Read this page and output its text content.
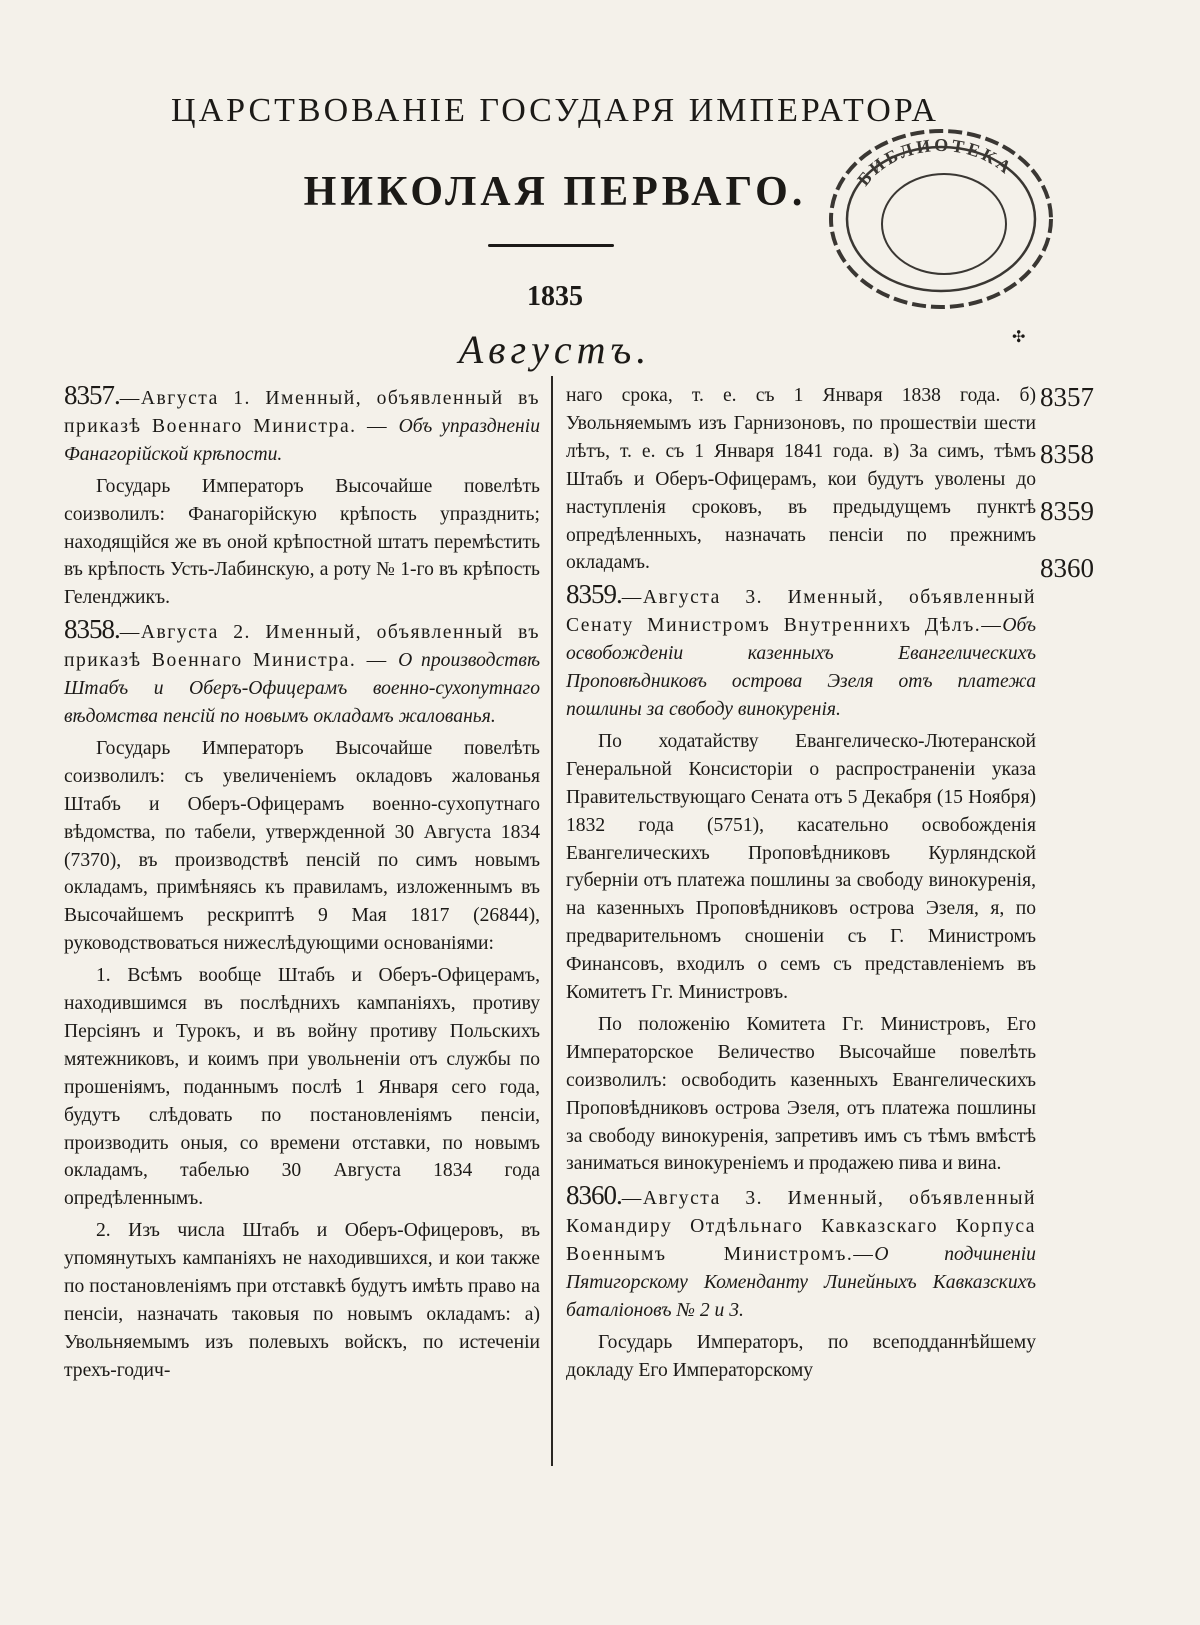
ЦАРСТВОВАНІЕ ГОСУДАРЯ ИМПЕРАТОРА
НИКОЛАЯ ПЕРВАГО.
1835
Августъ.
БИБЛИОТЕКА
✣

8357.—Августа 1. Именный, объявленный въ приказѣ Военнаго Министра. — Объ упраздненіи Фанагорійской крѣпости.

Государь Императоръ Высочайше повелѣть соизволилъ: Фанагорійскую крѣпость упразднить; находящійся же въ оной крѣпостной штатъ перемѣстить въ крѣпость Усть-Лабинскую, а роту № 1-го въ крѣпость Геленджикъ.

8358.—Августа 2. Именный, объявленный въ приказѣ Военнаго Министра. — О производствѣ Штабъ и Оберъ-Офицерамъ военно-сухопутнаго вѣдомства пенсій по новымъ окладамъ жалованья.

Государь Императоръ Высочайше повелѣть соизволилъ: съ увеличеніемъ окладовъ жалованья Штабъ и Оберъ-Офицерамъ военно-сухопутнаго вѣдомства, по табели, утвержденной 30 Августа 1834 (7370), въ производствѣ пенсій по симъ новымъ окладамъ, примѣняясь къ правиламъ, изложеннымъ въ Высочайшемъ рескриптѣ 9 Мая 1817 (26844), руководствоваться нижеслѣдующими основаніями:

1. Всѣмъ вообще Штабъ и Оберъ-Офицерамъ, находившимся въ послѣднихъ кампаніяхъ, противу Персіянъ и Турокъ, и въ войну противу Польскихъ мятежниковъ, и коимъ при увольненіи отъ службы по прошеніямъ, поданнымъ послѣ 1 Января сего года, будутъ слѣдовать по постановленіямъ пенсіи, производить оныя, со времени отставки, по новымъ окладамъ, табелью 30 Августа 1834 года опредѣленнымъ.

2. Изъ числа Штабъ и Оберъ-Офицеровъ, въ упомянутыхъ кампаніяхъ не находившихся, и кои также по постановленіямъ при отставкѣ будутъ имѣть право на пенсіи, назначать таковыя по новымъ окладамъ: а) Увольняемымъ изъ полевыхъ войскъ, по истеченіи трехъ-годич-

наго срока, т. е. съ 1 Января 1838 года. б) Увольняемымъ изъ Гарнизоновъ, по прошествіи шести лѣтъ, т. е. съ 1 Января 1841 года. в) За симъ, тѣмъ Штабъ и Оберъ-Офицерамъ, кои будутъ уволены до наступленія сроковъ, въ предыдущемъ пунктѣ опредѣленныхъ, назначать пенсіи по прежнимъ окладамъ.

8359.—Августа 3. Именный, объявленный Сенату Министромъ Внутреннихъ Дѣлъ.—Объ освобожденіи казенныхъ Евангелическихъ Проповѣдниковъ острова Эзеля отъ платежа пошлины за свободу винокуренія.

По ходатайству Евангелическо-Лютеранской Генеральной Консисторіи о распространеніи указа Правительствующаго Сената отъ 5 Декабря (15 Ноября) 1832 года (5751), касательно освобожденія Евангелическихъ Проповѣдниковъ Курляндской губерніи отъ платежа пошлины за свободу винокуренія, на казенныхъ Проповѣдниковъ острова Эзеля, я, по предварительномъ сношеніи съ Г. Министромъ Финансовъ, входилъ о семъ съ представленіемъ въ Комитетъ Гг. Министровъ.

По положенію Комитета Гг. Министровъ, Его Императорское Величество Высочайше повелѣть соизволилъ: освободить казенныхъ Евангелическихъ Проповѣдниковъ острова Эзеля, отъ платежа пошлины за свободу винокуренія, запретивъ имъ съ тѣмъ вмѣстѣ заниматься винокуреніемъ и продажею пива и вина.

8360.—Августа 3. Именный, объявленный Командиру Отдѣльнаго Кавказскаго Корпуса Военнымъ Министромъ.—О подчиненіи Пятигорскому Коменданту Линейныхъ Кавказскихъ баталіоновъ № 2 и 3.

Государь Императоръ, по всеподданнѣйшему докладу Его Императорскому

8357
8358
8359
8360
